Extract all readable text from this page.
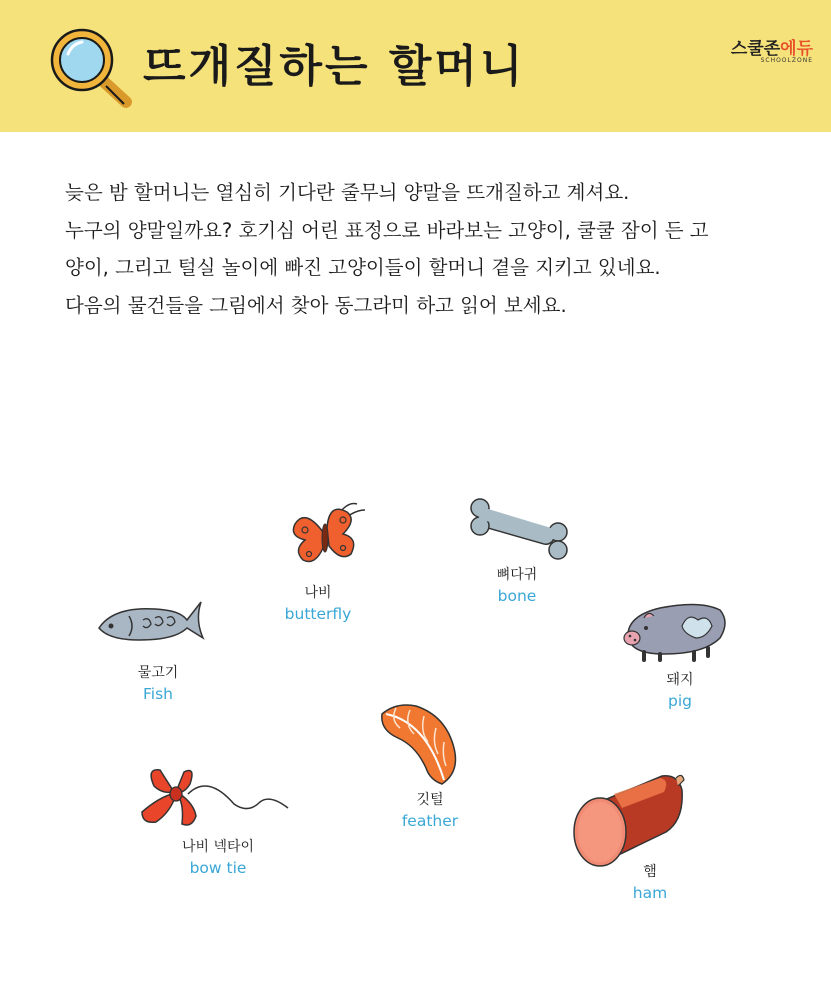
뜨개질하는 할머니	스쿨존에듀
SCHOOLZONE

늦은 밤 할머니는 열심히 기다란 줄무늬 양말을 뜨개질하고 계셔요.

누구의 양말일까요? 호기심 어린 표정으로 바라보는 고양이, 쿨쿨 잠이 든 고

양이, 그리고 털실 놀이에 빠진 고양이들이 할머니 곁을 지키고 있네요.

다음의 물건들을 그림에서 찾아 동그라미 하고 읽어 보세요.

나비
butterfly
뼈다귀
bone
물고기
Fish
돼지
pig
깃털
feather
나비 넥타이
bow tie	햄
ham
